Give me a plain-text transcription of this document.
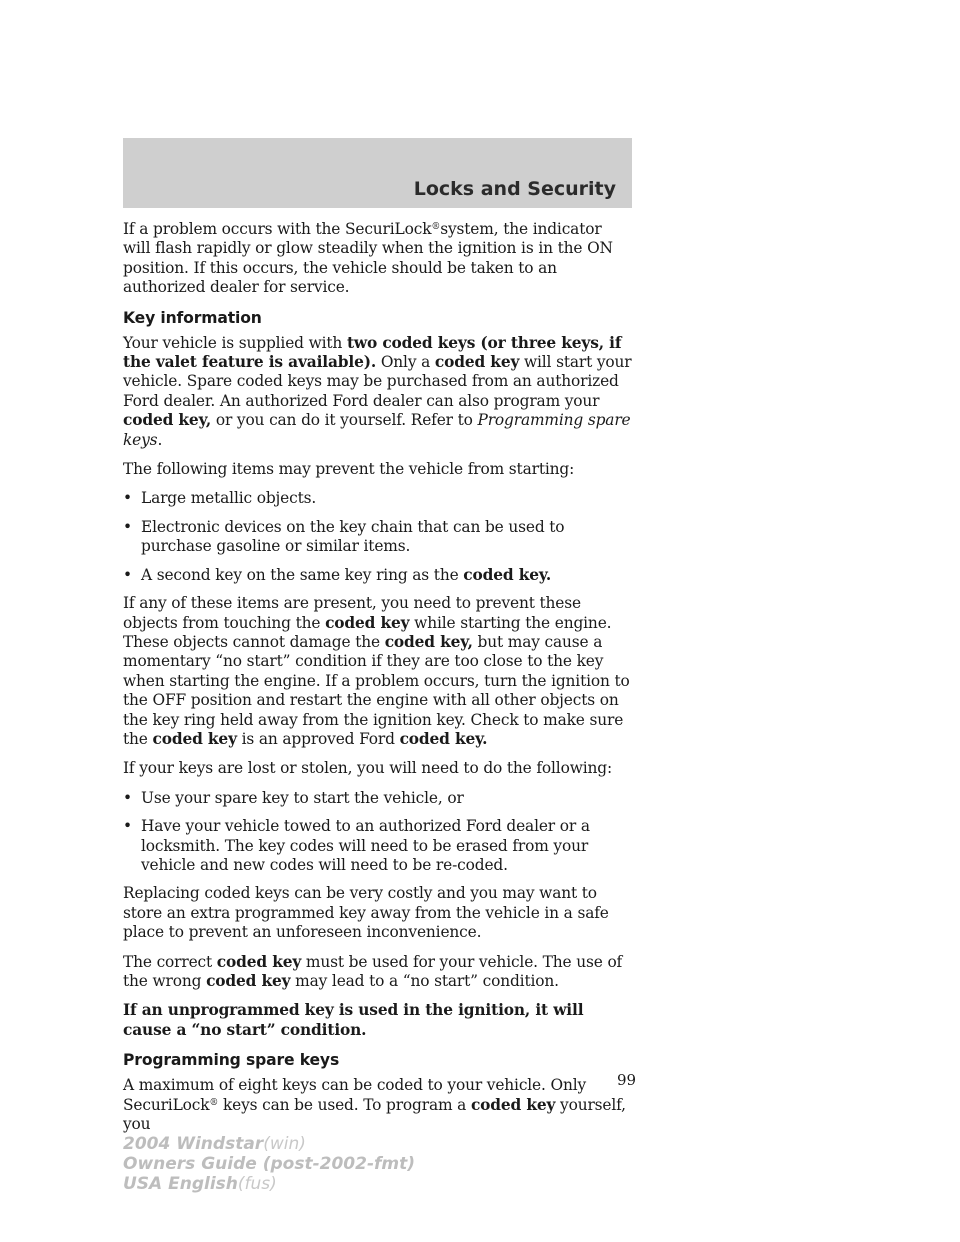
Locks and Security

If a problem occurs with the SecuriLock®system, the indicator will flash rapidly or glow steadily when the ignition is in the ON position. If this occurs, the vehicle should be taken to an authorized dealer for service.

Key information

Your vehicle is supplied with two coded keys (or three keys, if the valet feature is available). Only a coded key will start your vehicle. Spare coded keys may be purchased from an authorized Ford dealer. An authorized Ford dealer can also program your coded key, or you can do it yourself. Refer to Programming spare keys.

The following items may prevent the vehicle from starting:

• Large metallic objects.
• Electronic devices on the key chain that can be used to purchase gasoline or similar items.
• A second key on the same key ring as the coded key.

If any of these items are present, you need to prevent these objects from touching the coded key while starting the engine. These objects cannot damage the coded key, but may cause a momentary “no start” condition if they are too close to the key when starting the engine. If a problem occurs, turn the ignition to the OFF position and restart the engine with all other objects on the key ring held away from the ignition key. Check to make sure the coded key is an approved Ford coded key.

If your keys are lost or stolen, you will need to do the following:

• Use your spare key to start the vehicle, or
• Have your vehicle towed to an authorized Ford dealer or a locksmith. The key codes will need to be erased from your vehicle and new codes will need to be re-coded.

Replacing coded keys can be very costly and you may want to store an extra programmed key away from the vehicle in a safe place to prevent an unforeseen inconvenience.

The correct coded key must be used for your vehicle. The use of the wrong coded key may lead to a “no start” condition.

If an unprogrammed key is used in the ignition, it will cause a “no start” condition.

Programming spare keys

A maximum of eight keys can be coded to your vehicle. Only SecuriLock® keys can be used. To program a coded key yourself, you

99
2004 Windstar(win)
Owners Guide (post-2002-fmt)
USA English(fus)
